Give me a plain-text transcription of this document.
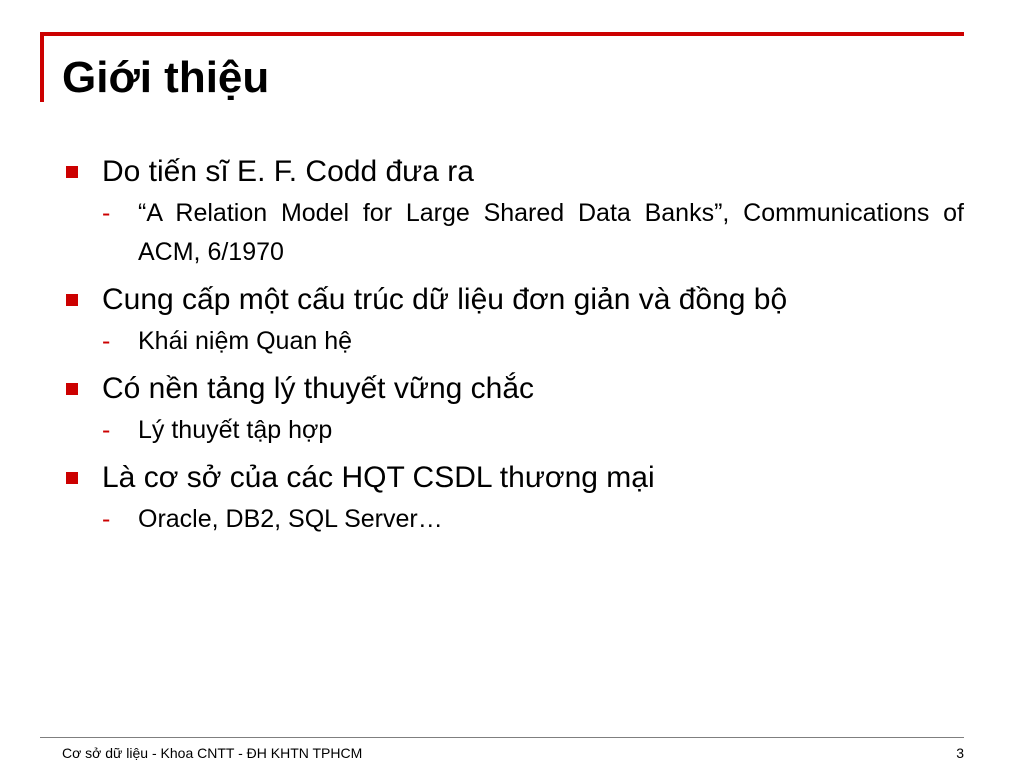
Giới thiệu
Do tiến sĩ E. F. Codd đưa ra
- “A Relation Model for Large Shared Data Banks”, Communications of ACM, 6/1970
Cung cấp một cấu trúc dữ liệu đơn giản và đồng bộ
- Khái niệm Quan hệ
Có nền tảng lý thuyết vững chắc
- Lý thuyết tập hợp
Là cơ sở của các HQT CSDL thương mại
- Oracle, DB2, SQL Server…
Cơ sở dữ liệu - Khoa CNTT - ĐH KHTN TPHCM	3
